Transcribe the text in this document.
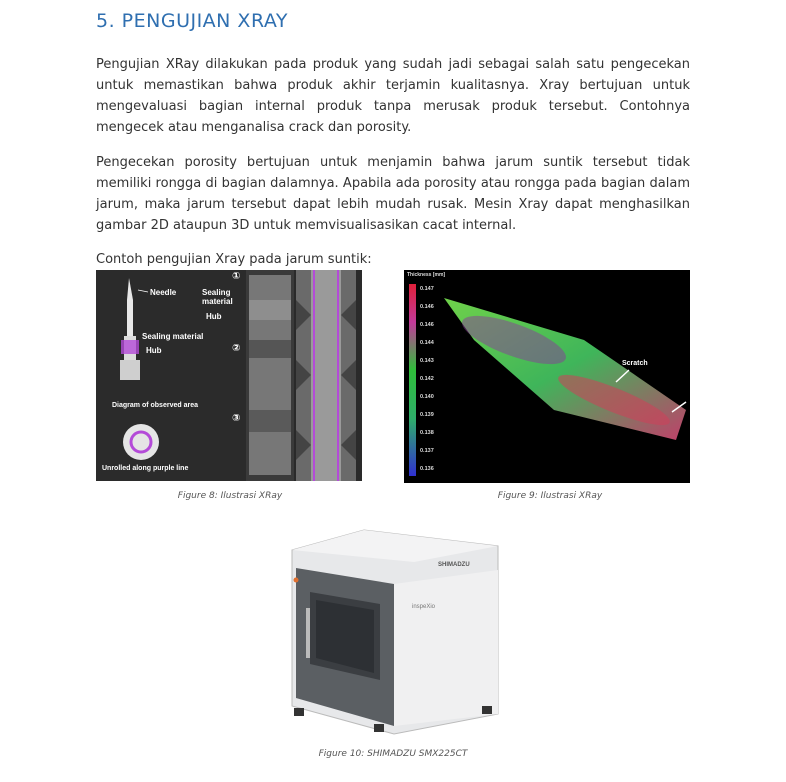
5. PENGUJIAN XRAY
Pengujian XRay dilakukan pada produk yang sudah jadi sebagai salah satu pengecekan untuk memastikan bahwa produk akhir terjamin kualitasnya. Xray bertujuan untuk mengevaluasi bagian internal produk tanpa merusak produk tersebut. Contohnya mengecek atau menganalisa crack dan porosity.
Pengecekan porosity bertujuan untuk menjamin bahwa jarum suntik tersebut tidak memiliki rongga di bagian dalamnya. Apabila ada porosity atau rongga pada bagian dalam jarum, maka jarum tersebut dapat lebih mudah rusak. Mesin Xray dapat menghasilkan gambar 2D ataupun 3D untuk memvisualisasikan cacat internal.
Contoh pengujian Xray pada jarum suntik:
Needle	Sealing material
Hub
Sealing material
Hub
Diagram of observed area
Unrolled along purple line
①
②
③
Figure 8: Ilustrasi XRay
Thickness [mm]
0.147
0.146
0.146
0.144
0.143
0.142
0.140
0.139
0.138
0.137
0.136
Scratch
Figure 9: Ilustrasi XRay
SHIMADZU
inspeXio
Figure 10: SHIMADZU SMX225CT
